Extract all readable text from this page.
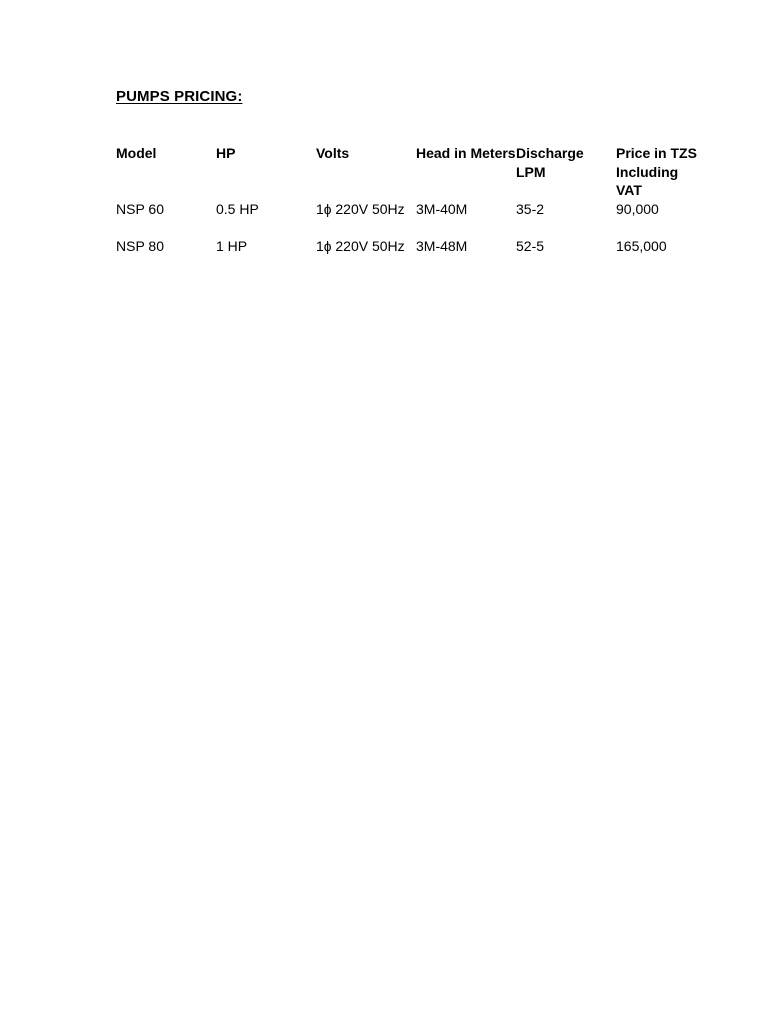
PUMPS PRICING:
Model	HP	Volts	Head in Meters	Discharge LPM	Price in TZS Including VAT

NSP 60	0.5 HP	1ɸ 220V 50Hz	3M-40M	35-2	90,000

NSP 80	1 HP	1ɸ 220V 50Hz	3M-48M	52-5	165,000
